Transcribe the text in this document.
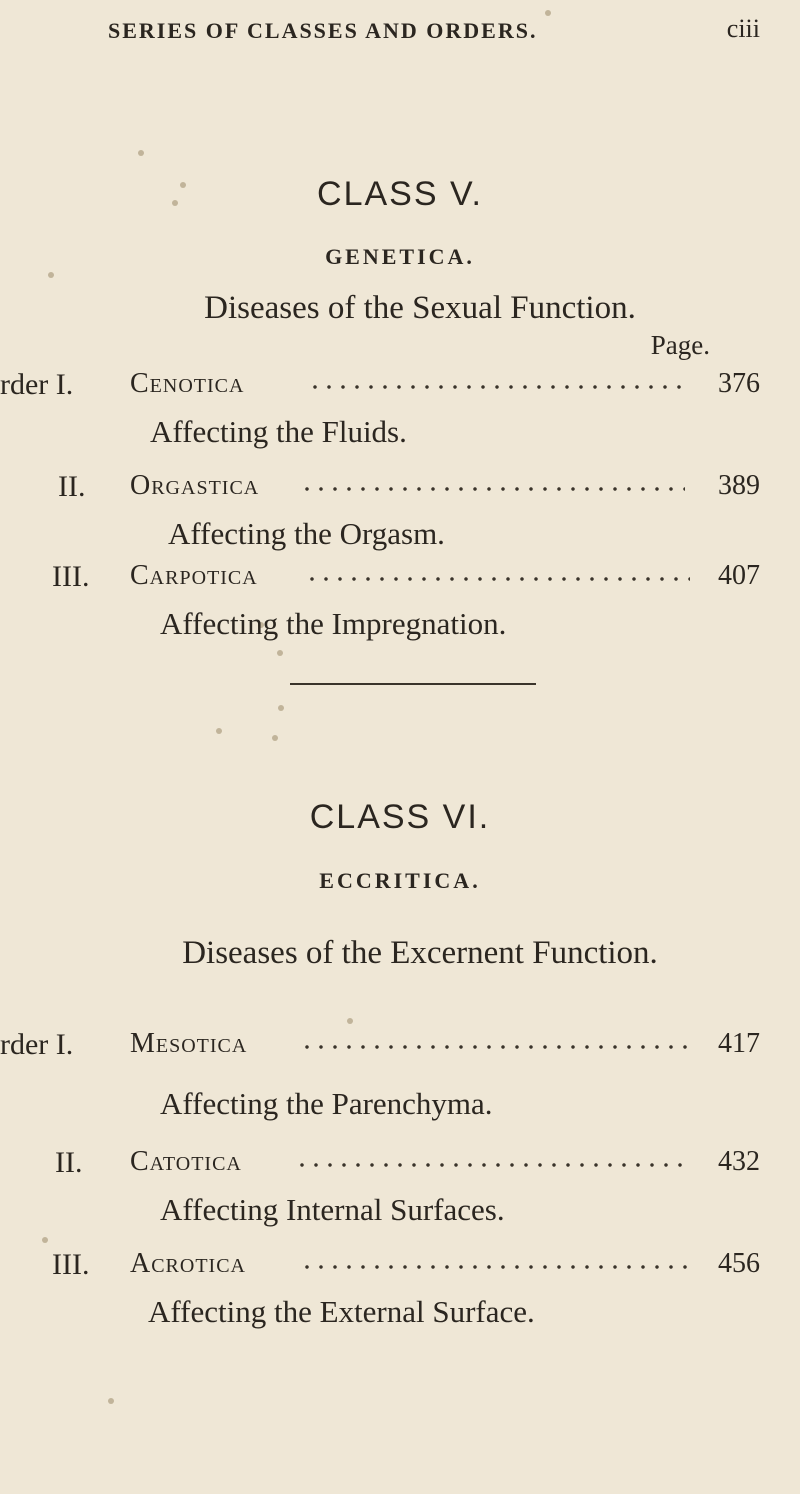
SERIES OF CLASSES AND ORDERS.	ciii
CLASS V.
GENETICA.
Diseases of the Sexual Function.
Page.
rder I. Cenotica	376
Affecting the Fluids.
II. Orgastica	389
Affecting the Orgasm.
III. Carpotica	407
Affecting the Impregnation.
CLASS VI.
ECCRITICA.
Diseases of the Excernent Function.
rder I. Mesotica	417
Affecting the Parenchyma.
II. Catotica	432
Affecting Internal Surfaces.
III. Acrotica	456
Affecting the External Surface.
